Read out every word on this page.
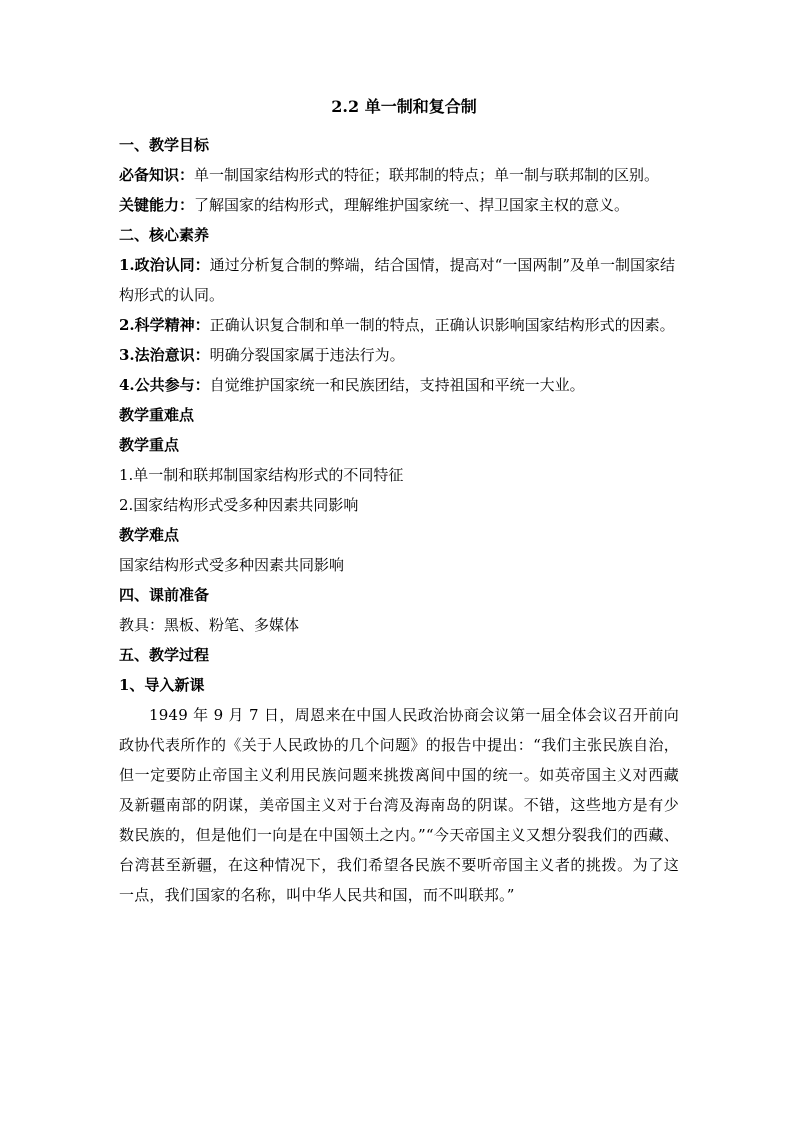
2.2 单一制和复合制

一、教学目标

必备知识：单一制国家结构形式的特征；联邦制的特点；单一制与联邦制的区别。

关键能力：了解国家的结构形式，理解维护国家统一、捍卫国家主权的意义。

二、核心素养

1.政治认同：通过分析复合制的弊端，结合国情，提高对“一国两制”及单一制国家结构形式的认同。

2.科学精神：正确认识复合制和单一制的特点，正确认识影响国家结构形式的因素。

3.法治意识：明确分裂国家属于违法行为。

4.公共参与：自觉维护国家统一和民族团结，支持祖国和平统一大业。

教学重难点

教学重点

1.单一制和联邦制国家结构形式的不同特征

2.国家结构形式受多种因素共同影响

教学难点

国家结构形式受多种因素共同影响

四、课前准备

教具：黑板、粉笔、多媒体

五、教学过程

1、导入新课

1949 年 9 月 7 日，周恩来在中国人民政治协商会议第一届全体会议召开前向政协代表所作的《关于人民政协的几个问题》的报告中提出：“我们主张民族自治，但一定要防止帝国主义利用民族问题来挑拨离间中国的统一。如英帝国主义对西藏及新疆南部的阴谋，美帝国主义对于台湾及海南岛的阴谋。不错，这些地方是有少数民族的，但是他们一向是在中国领土之内。”“今天帝国主义又想分裂我们的西藏、台湾甚至新疆，在这种情况下，我们希望各民族不要听帝国主义者的挑拨。为了这一点，我们国家的名称，叫中华人民共和国，而不叫联邦。”
